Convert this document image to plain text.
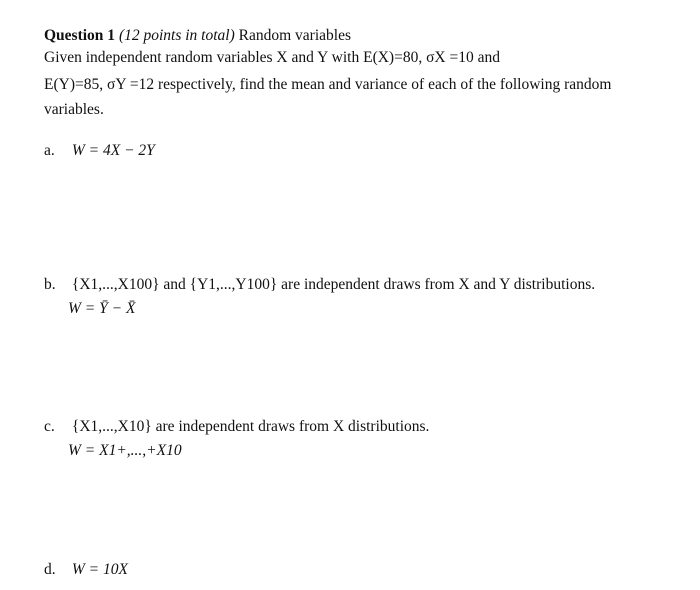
Question 1 (12 points in total) Random variables
Given independent random variables X and Y with E(X)=80, σX =10 and
E(Y)=85, σY =12 respectively, find the mean and variance of each of the following random
variables.
a. W = 4X − 2Y
b. {X1,...,X100} and {Y1,...,Y100} are independent draws from X and Y distributions.
W = Ȳ − X̄
c. {X1,...,X10} are independent draws from X distributions.
W = X1+,...,+X10
d. W = 10X
